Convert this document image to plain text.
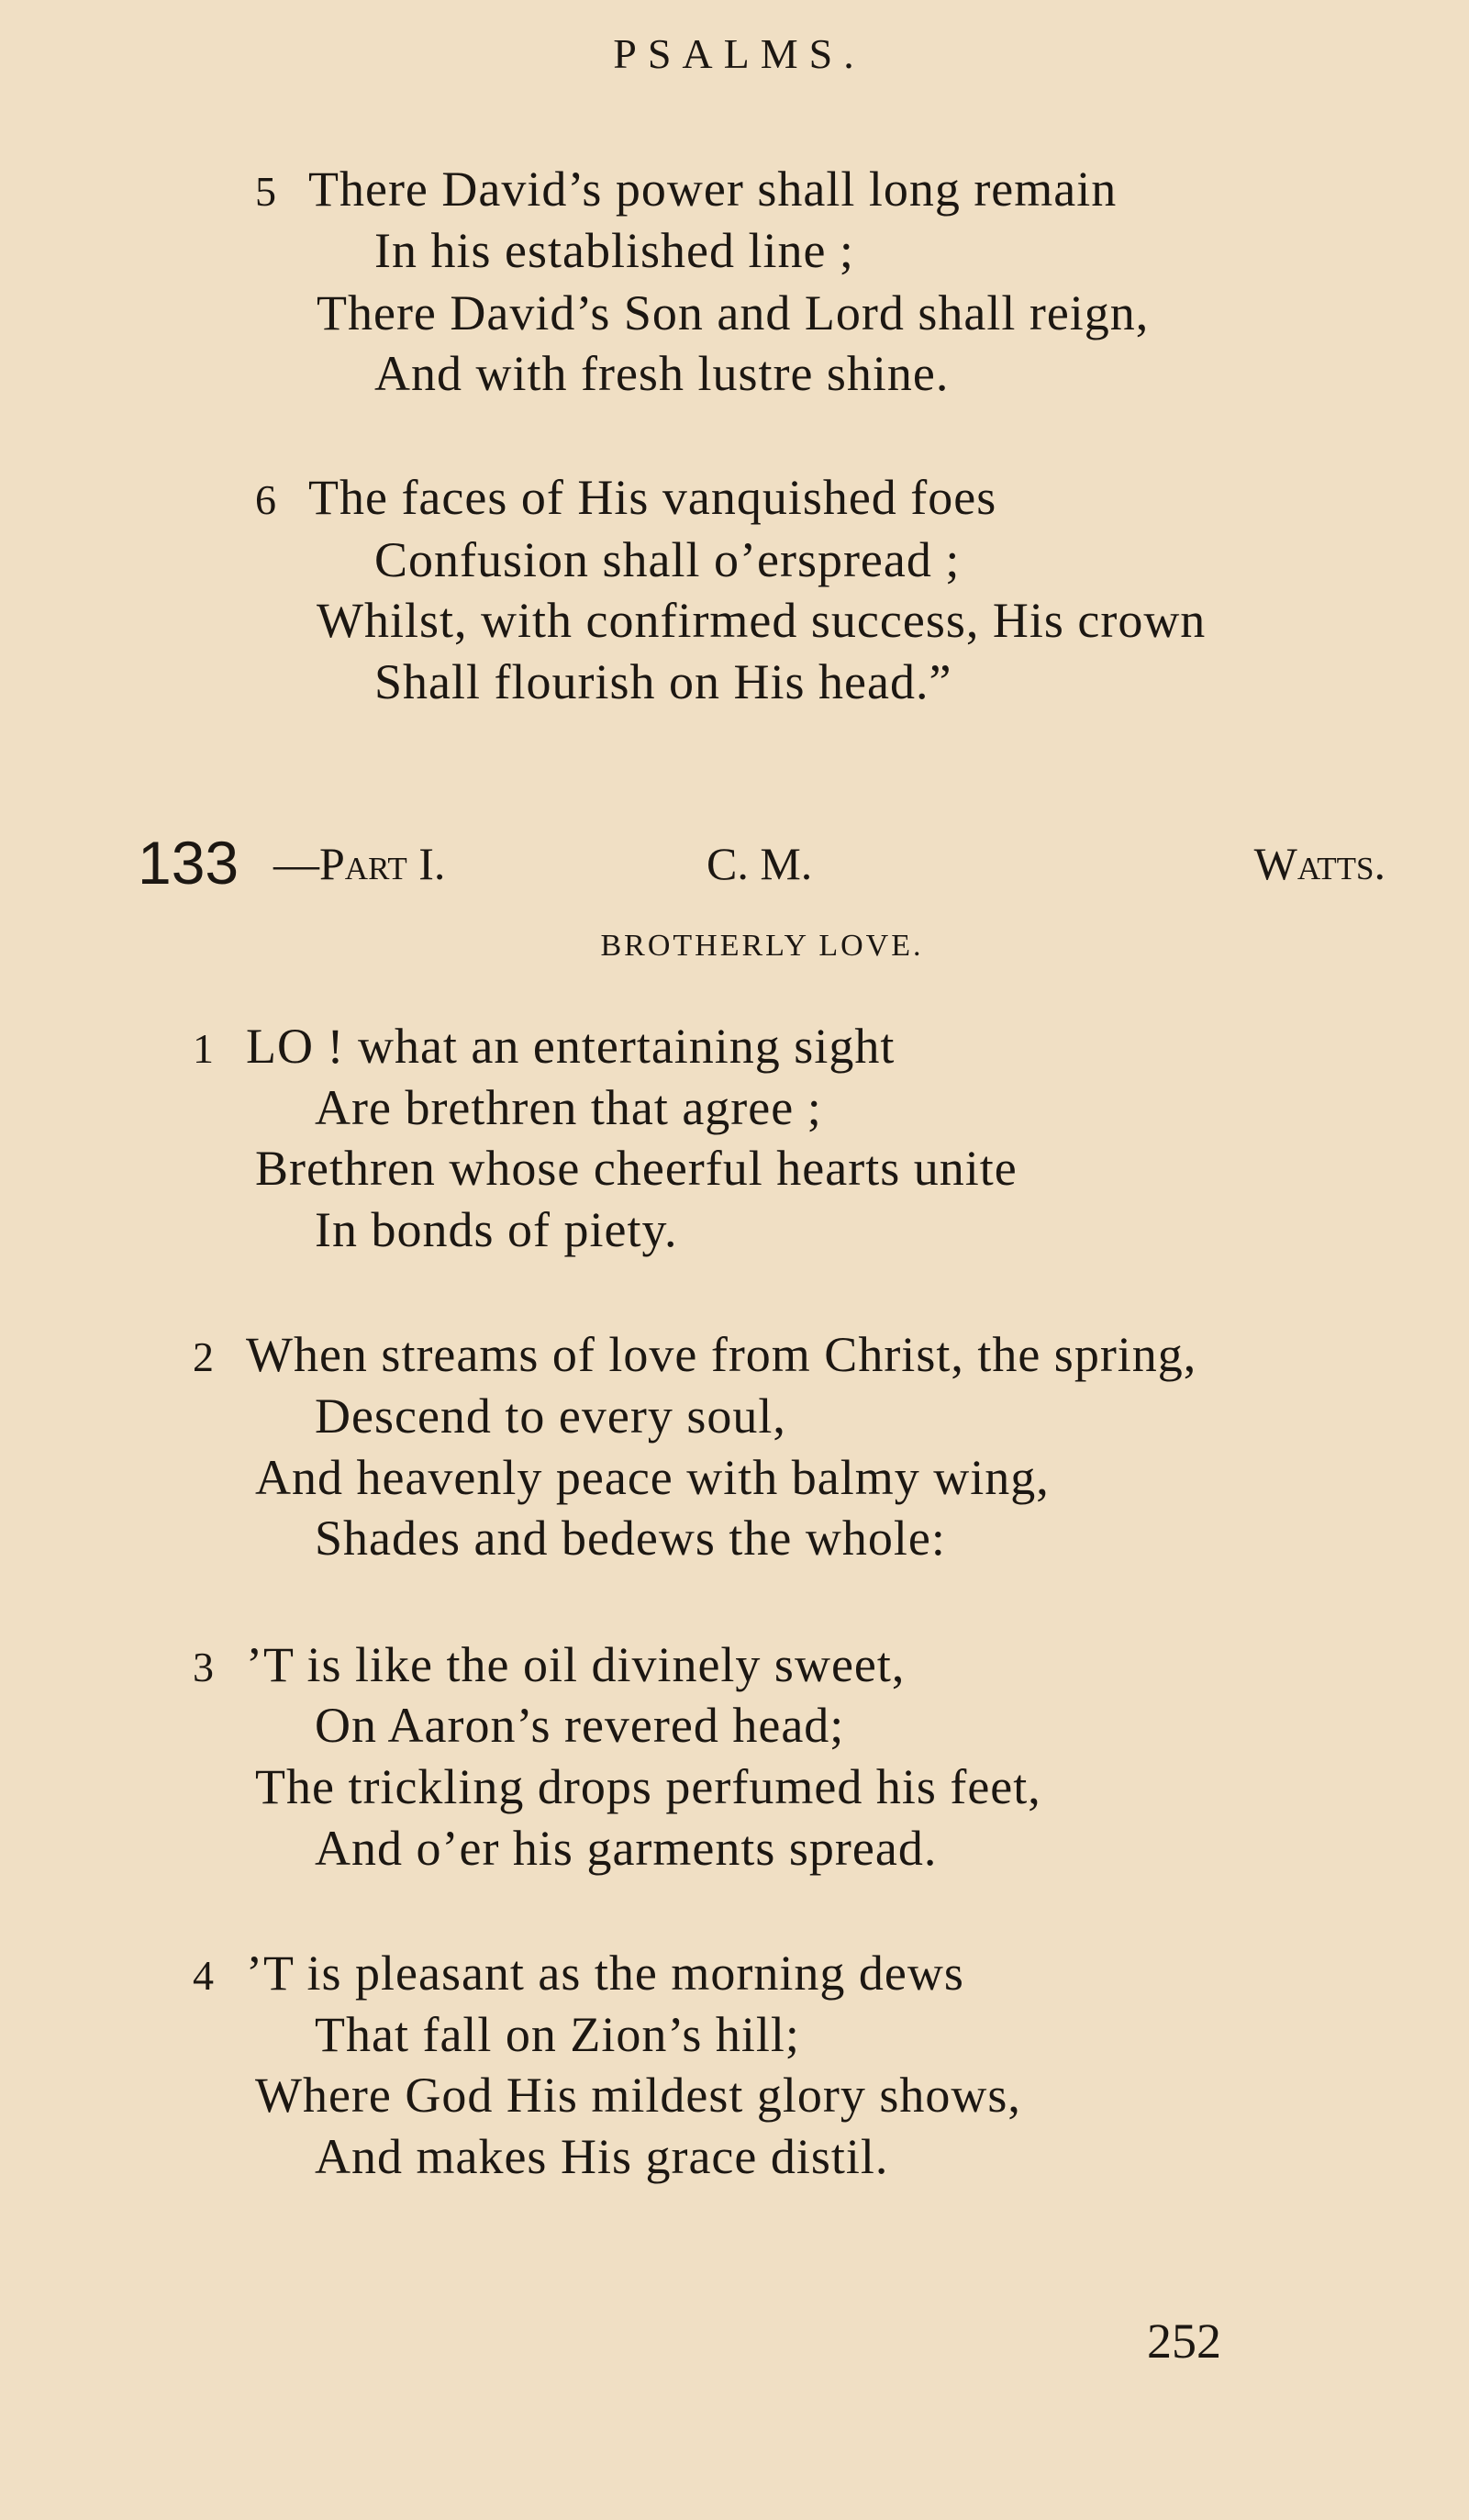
PSALMS.
5 There David’s power shall long remain
In his established line ;
There David’s Son and Lord shall reign,
And with fresh lustre shine.
6 The faces of His vanquished foes
Confusion shall o’erspread ;
Whilst, with confirmed success, His crown
Shall flourish on His head.”
133 —Part I.	C. M.	Watts.
BROTHERLY LOVE.
1 LO ! what an entertaining sight
Are brethren that agree ;
Brethren whose cheerful hearts unite
In bonds of piety.
2 When streams of love from Christ, the spring,
Descend to every soul,
And heavenly peace with balmy wing,
Shades and bedews the whole:
3 ’T is like the oil divinely sweet,
On Aaron’s revered head;
The trickling drops perfumed his feet,
And o’er his garments spread.
4 ’T is pleasant as the morning dews
That fall on Zion’s hill;
Where God His mildest glory shows,
And makes His grace distil.
252
